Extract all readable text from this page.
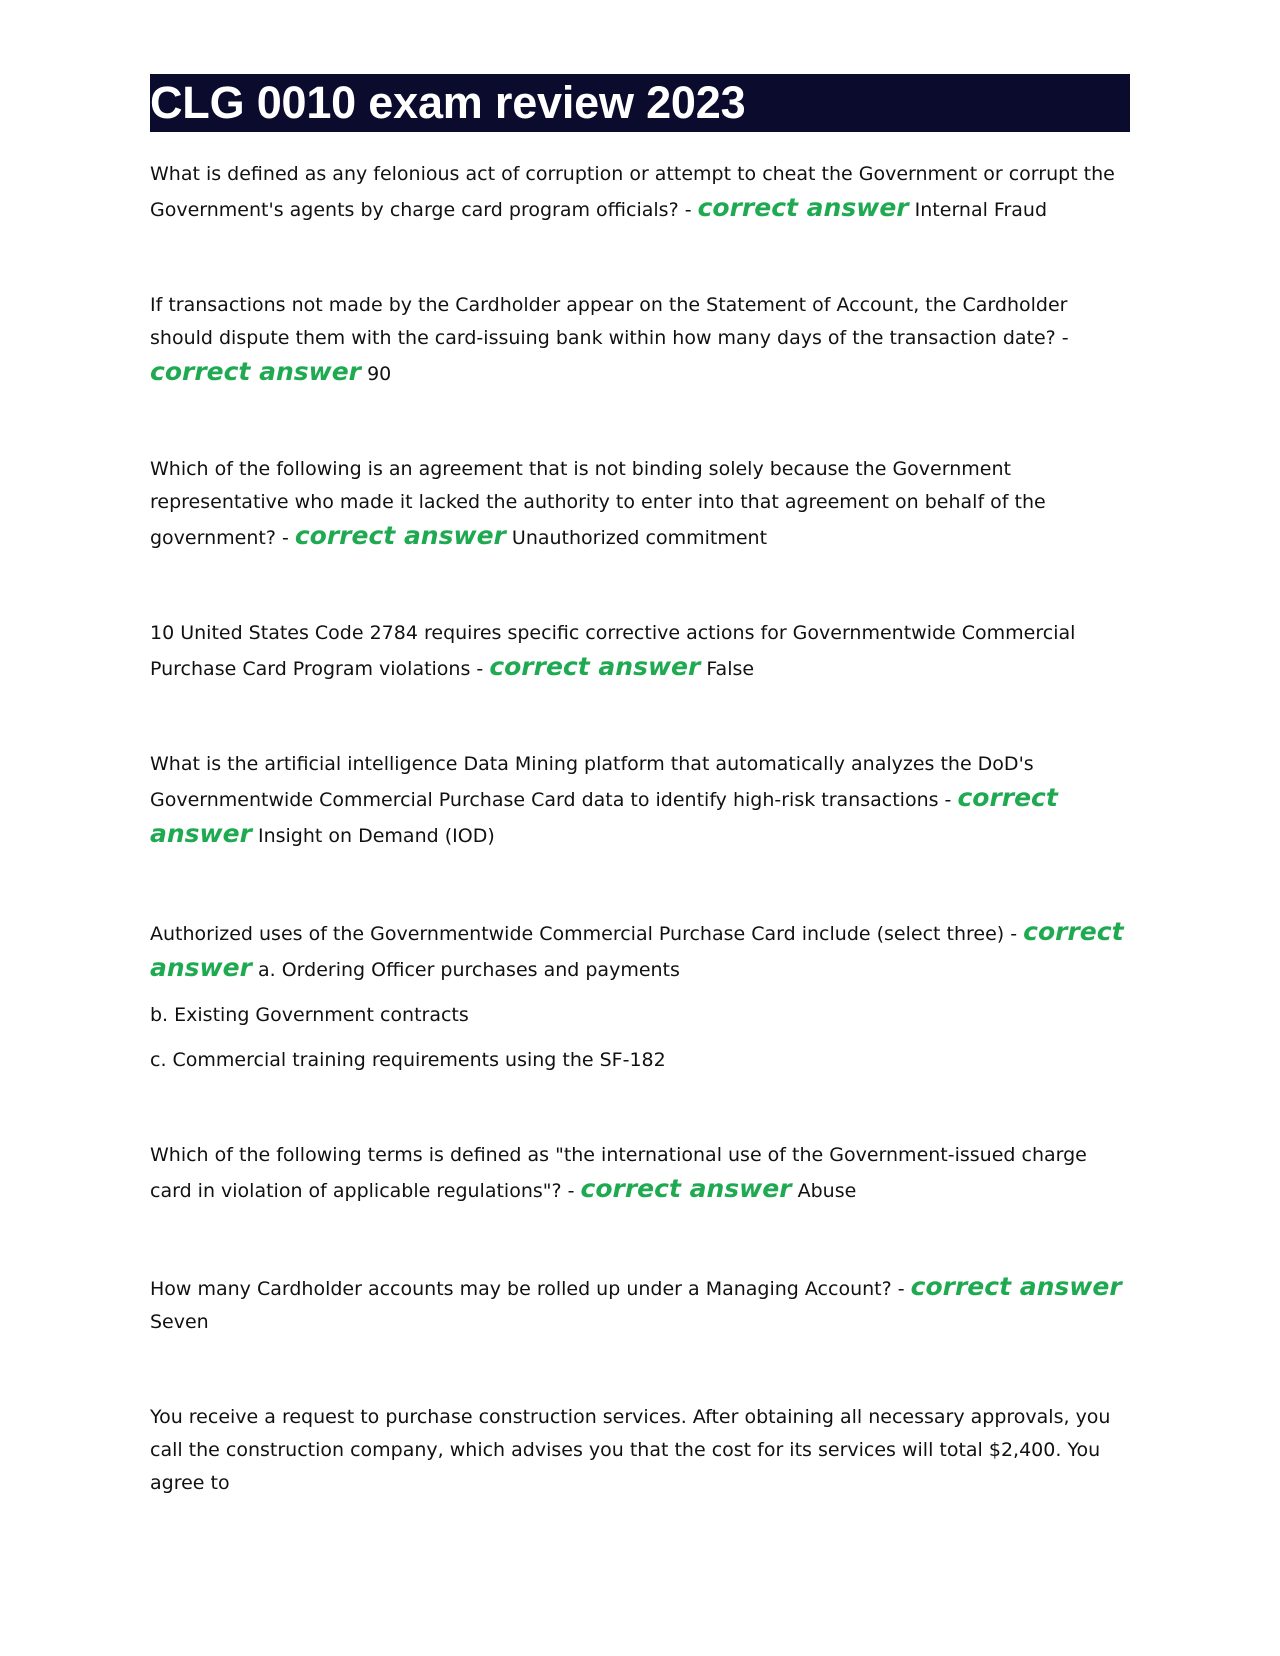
CLG 0010 exam review 2023
What is defined as any felonious act of corruption or attempt to cheat the Government or corrupt the Government's agents by charge card program officials? - correct answer Internal Fraud
If transactions not made by the Cardholder appear on the Statement of Account, the Cardholder should dispute them with the card-issuing bank within how many days of the transaction date? - correct answer 90
Which of the following is an agreement that is not binding solely because the Government representative who made it lacked the authority to enter into that agreement on behalf of the government? - correct answer Unauthorized commitment
10 United States Code 2784 requires specific corrective actions for Governmentwide Commercial Purchase Card Program violations - correct answer False
What is the artificial intelligence Data Mining platform that automatically analyzes the DoD's Governmentwide Commercial Purchase Card data to identify high-risk transactions - correct answer Insight on Demand (IOD)
Authorized uses of the Governmentwide Commercial Purchase Card include (select three) - correct answer a. Ordering Officer purchases and payments
b. Existing Government contracts
c. Commercial training requirements using the SF-182
Which of the following terms is defined as "the international use of the Government-issued charge card in violation of applicable regulations"? - correct answer Abuse
How many Cardholder accounts may be rolled up under a Managing Account? - correct answer Seven
You receive a request to purchase construction services. After obtaining all necessary approvals, you call the construction company, which advises you that the cost for its services will total $2,400. You agree to
